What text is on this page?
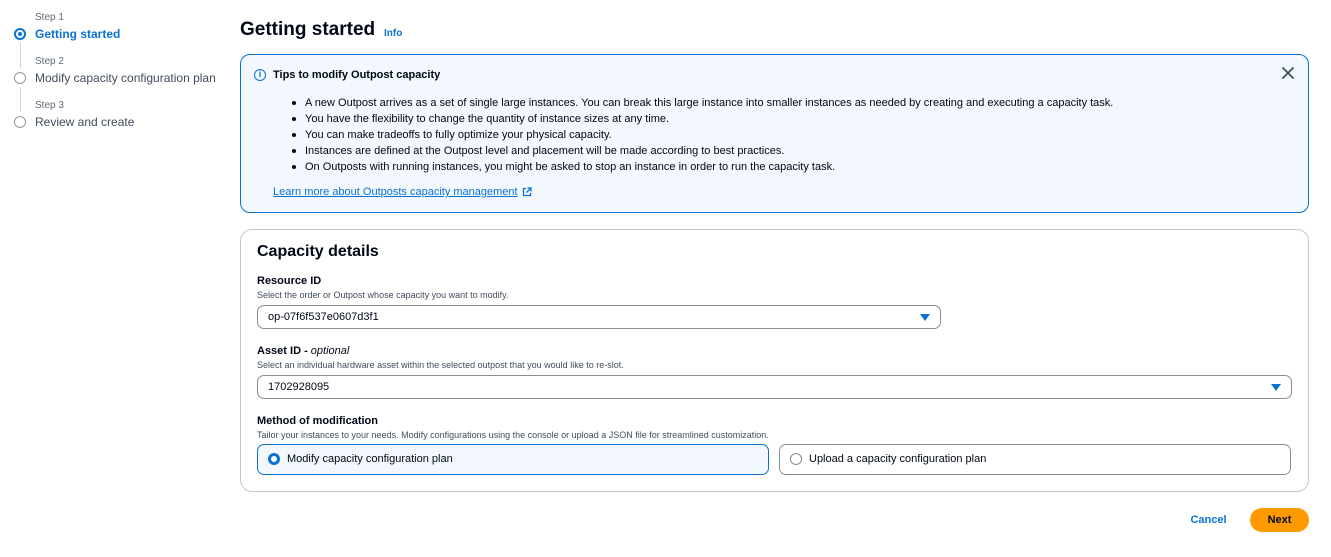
Step 1
Getting started
Step 2
Modify capacity configuration plan
Step 3
Review and create
Getting started Info
i	Tips to modify Outpost capacity
A new Outpost arrives as a set of single large instances. You can break this large instance into smaller instances as needed by creating and executing a capacity task.
You have the flexibility to change the quantity of instance sizes at any time.
You can make tradeoffs to fully optimize your physical capacity.
Instances are defined at the Outpost level and placement will be made according to best practices.
On Outposts with running instances, you might be asked to stop an instance in order to run the capacity task.
Learn more about Outposts capacity management
Capacity details
Resource ID
Select the order or Outpost whose capacity you want to modify.
op-07f6f537e0607d3f1
Asset ID - optional
Select an individual hardware asset within the selected outpost that you would like to re-slot.
1702928095
Method of modification
Tailor your instances to your needs. Modify configurations using the console or upload a JSON file for streamlined customization.
Modify capacity configuration plan	Upload a capacity configuration plan
Cancel	Next
